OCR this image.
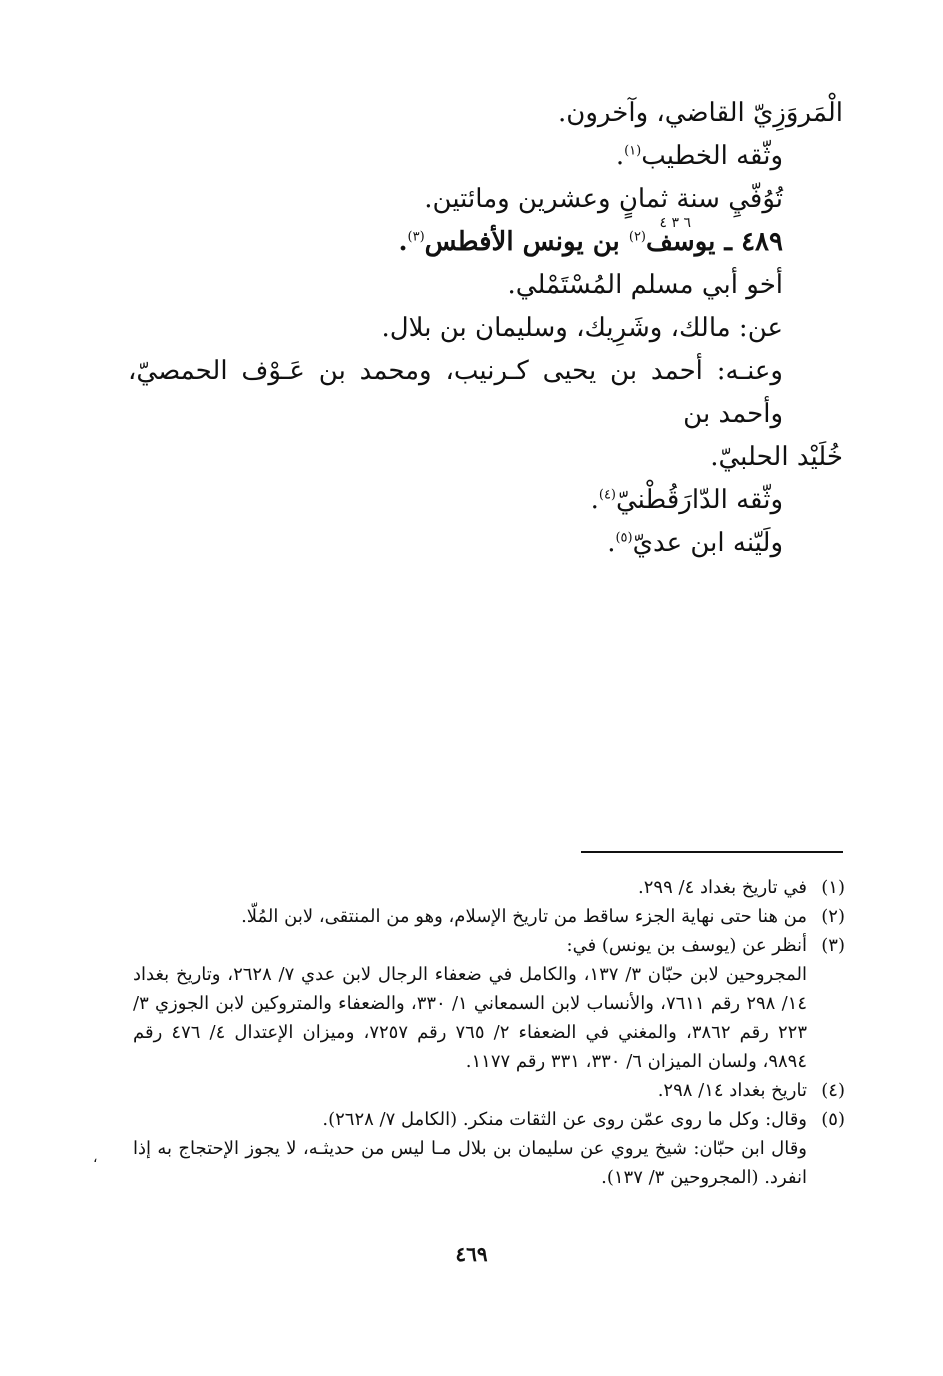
الْمَروَزِيّ القاضي، وآخرون.
وثّقه الخطيب$^{(١)}$.
تُوُفّيِ سنة ثمانٍ وعشرين ومائتين.
٤٨٩ ـ يوسف$^{(٢)}$ بن يونس الأفطس$^{(٣)}$.
أخو أبي مسلم المُسْتَمْلي.
عن: مالك، وشَرِيك، وسليمان بن بلال.
وعنـه: أحمد بن يحيى كـرنيب، ومحمد بن عَـوْف الحمصيّ، وأحمد بن
خُلَيْد الحلبيّ.
وثّقه الدّارَقُطْنيّ$^{(٤)}$.
ولَيّنه ابن عديّ$^{(٥)}$.
٦ ٣ ٤
(١)
في تاريخ بغداد ٤/ ٢٩٩.
(٢)
من هنا حتى نهاية الجزء ساقط من تاريخ الإسلام، وهو من المنتقى، لابن المُلّا.
(٣)
أنظر عن (يوسف بن يونس) في:
المجروحين لابن حبّان ٣/ ١٣٧، والكامل في ضعفاء الرجال لابن عدي ٧/ ٢٦٢٨، وتاريخ بغداد ١٤/ ٢٩٨ رقم ٧٦١١، والأنساب لابن السمعاني ١/ ٣٣٠، والضعفاء والمتروكين لابن الجوزي ٣/ ٢٢٣ رقم ٣٨٦٢، والمغني في الضعفاء ٢/ ٧٦٥ رقم ٧٢٥٧، وميزان الإعتدال ٤/ ٤٧٦ رقم ٩٨٩٤، ولسان الميزان ٦/ ٣٣٠، ٣٣١ رقم ١١٧٧.
(٤)
تاريخ بغداد ١٤/ ٢٩٨.
(٥)
وقال: وكل ما روى عمّن روى عن الثقات منكر. (الكامل ٧/ ٢٦٢٨).
وقال ابن حبّان: شيخ يروي عن سليمان بن بلال مـا ليس من حديثـه، لا يجوز الإحتجاج به إذا انفرد. (المجروحين ٣/ ١٣٧).
،
٤٦٩
